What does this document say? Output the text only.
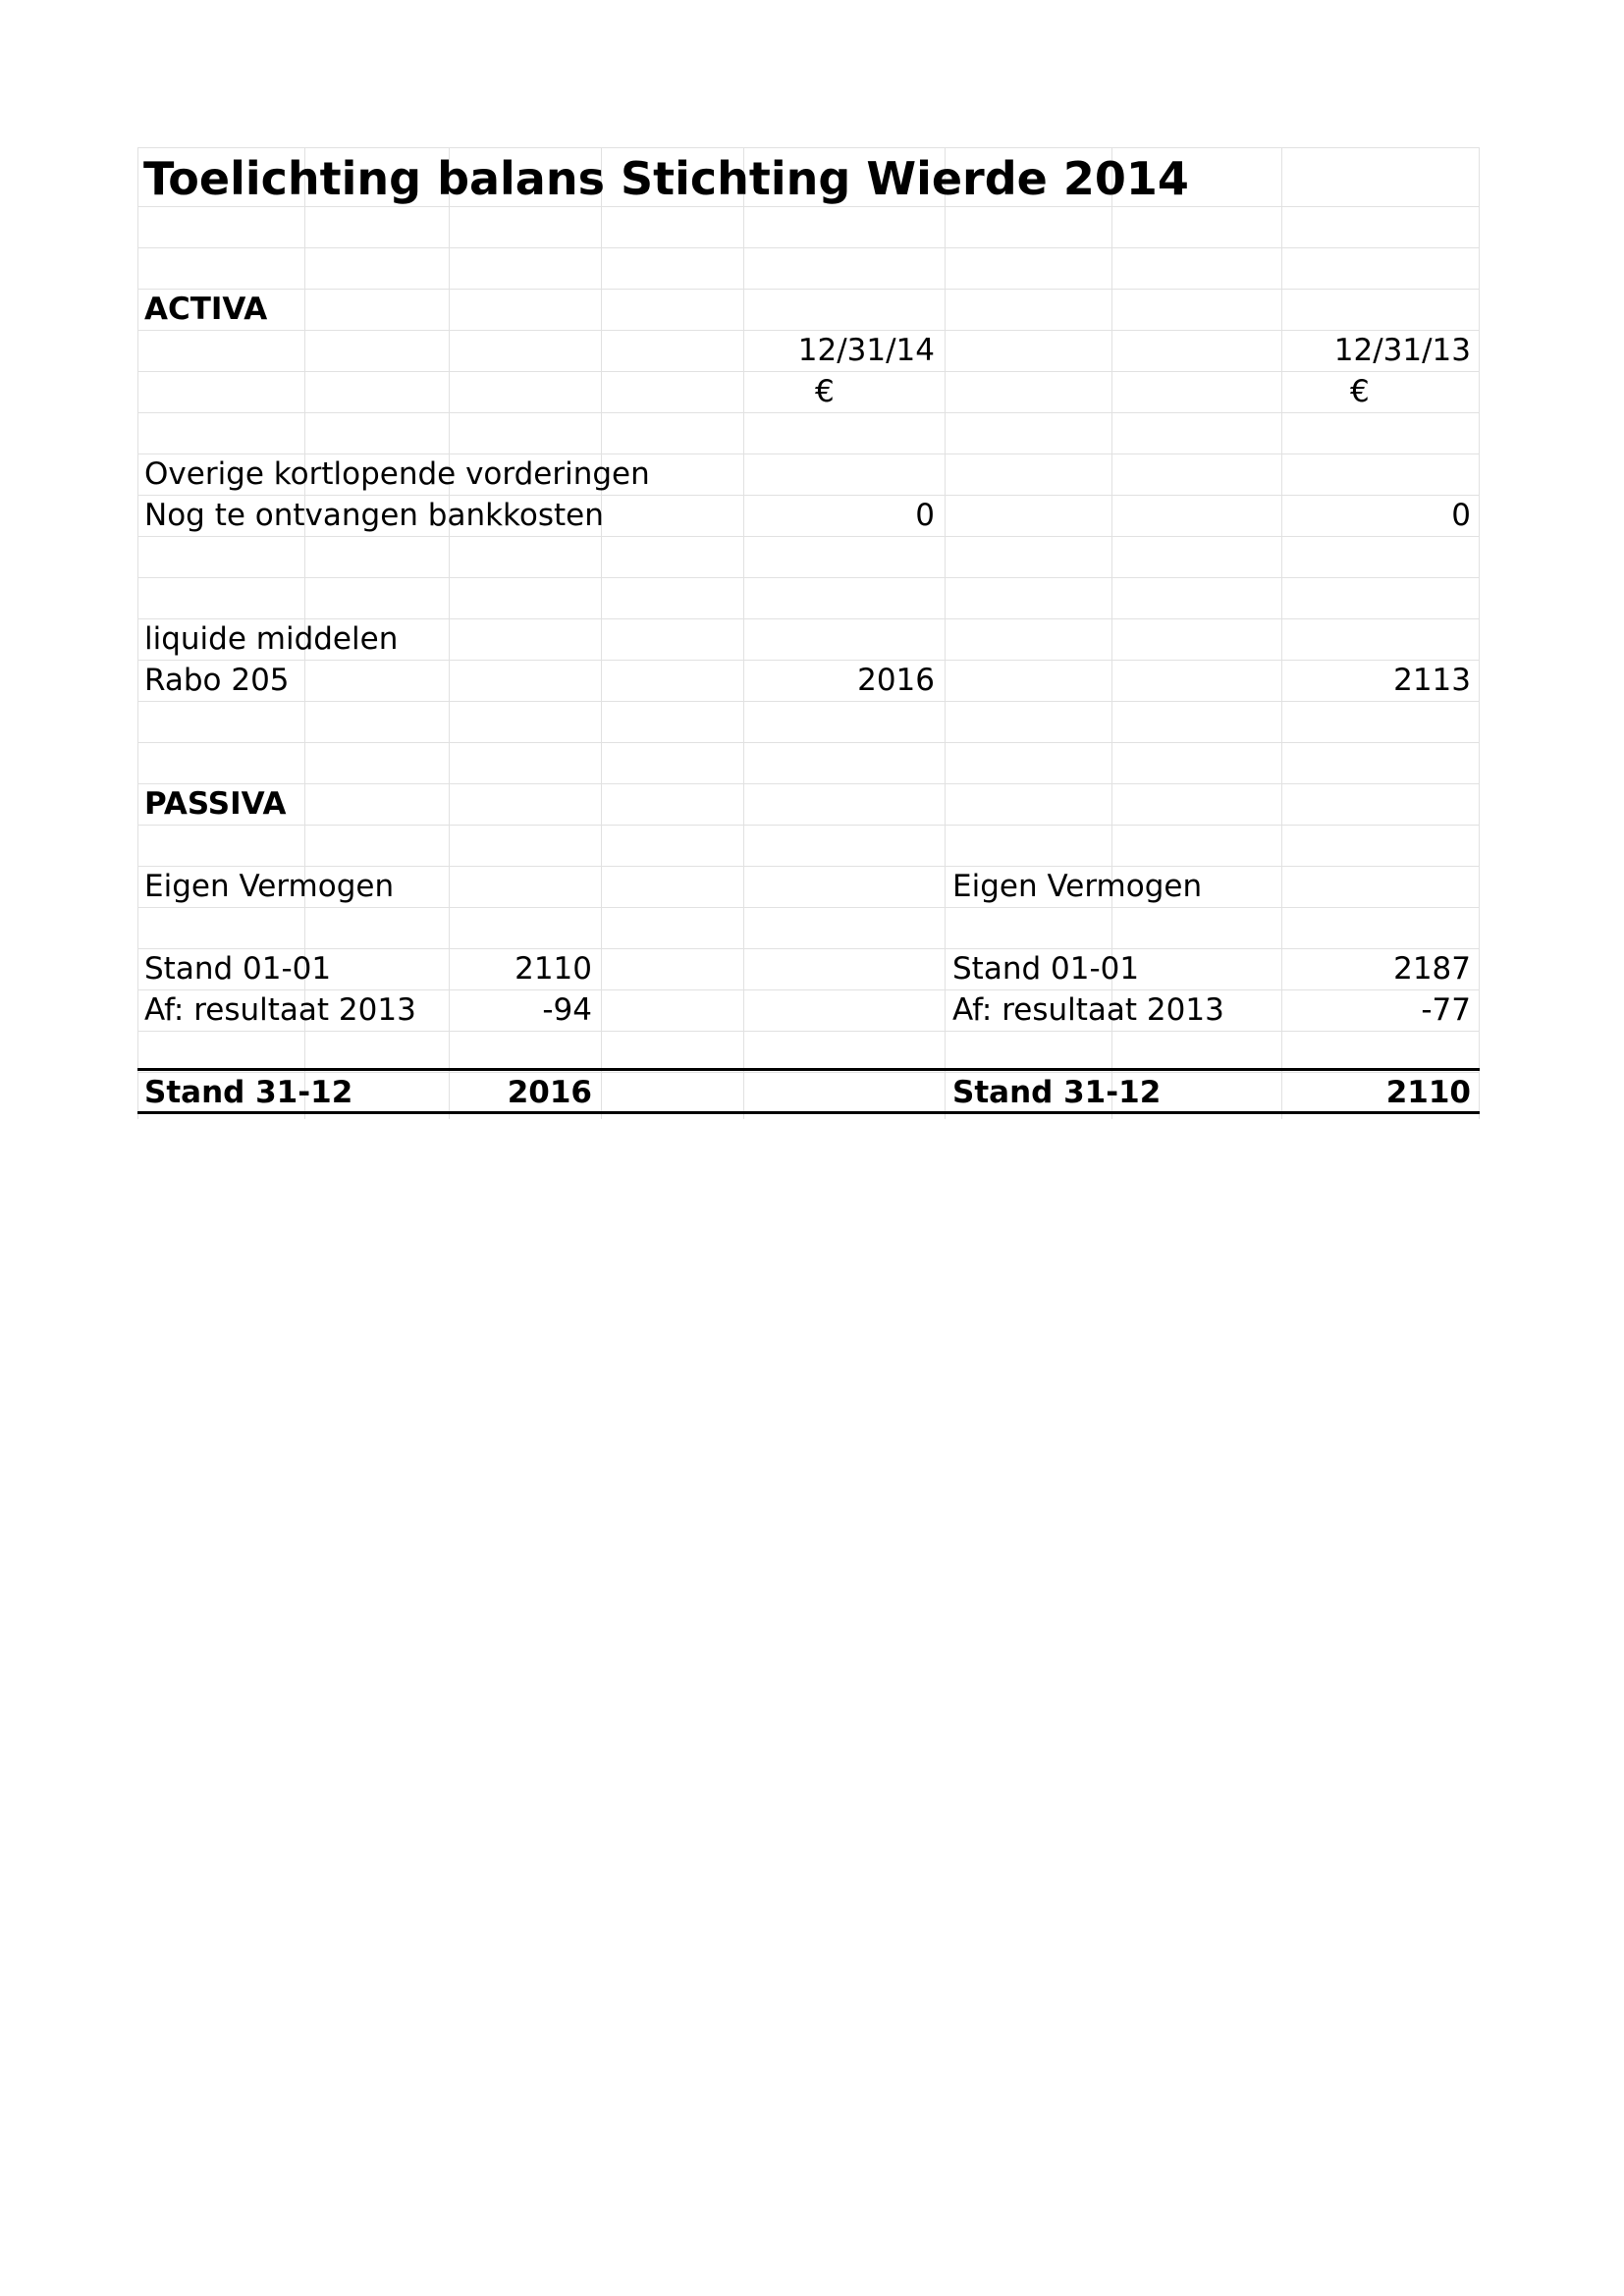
Toelichting balans Stichting Wierde 2014
ACTIVA
12/31/14	12/31/13
€	€
Overige kortlopende vorderingen
Nog te ontvangen bankkosten	0	0
liquide middelen
Rabo 205	2016	2113
PASSIVA
Eigen Vermogen
Stand 01-01	2110
Af: resultaat 2013	-94
Stand 31-12	2016
Eigen Vermogen
Stand 01-01	2187
Af: resultaat 2013	-77
Stand 31-12	2110
